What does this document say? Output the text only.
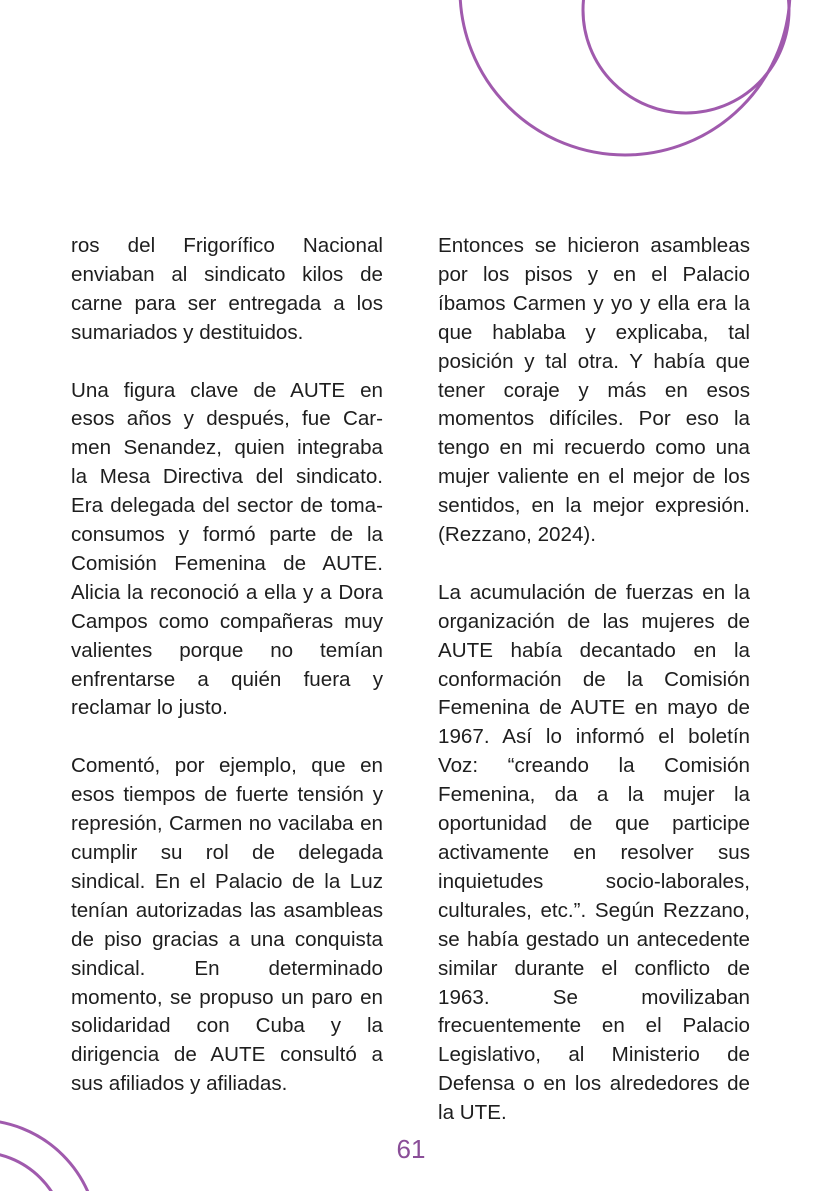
ros del Frigorífico Nacional enviaban al sindicato kilos de carne para ser entregada a los sumariados y destituidos.

Una figura clave de AUTE en esos años y después, fue Carmen Senandez, quien integraba la Mesa Directiva del sindicato. Era delegada del sector de toma-consumos y formó parte de la Comisión Femenina de AUTE. Alicia la reconoció a ella y a Dora Campos como compañeras muy valientes porque no temían enfrentarse a quién fuera y reclamar lo justo.

Comentó, por ejemplo, que en esos tiempos de fuerte tensión y represión, Carmen no vacilaba en cumplir su rol de delegada sindical. En el Palacio de la Luz tenían autorizadas las asambleas de piso gracias a una conquista sindical. En determinado momento, se propuso un paro en solidaridad con Cuba y la dirigencia de AUTE consultó a sus afiliados y afiliadas.

Entonces se hicieron asambleas por los pisos y en el Palacio íbamos Carmen y yo y ella era la que hablaba y explicaba, tal posición y tal otra. Y había que tener coraje y más en esos momentos difíciles. Por eso la tengo en mi recuerdo como una mujer valiente en el mejor de los sentidos, en la mejor expresión. (Rezzano, 2024).

La acumulación de fuerzas en la organización de las mujeres de AUTE había decantado en la conformación de la Comisión Femenina de AUTE en mayo de 1967. Así lo informó el boletín Voz: “creando la Comisión Femenina, da a la mujer la oportunidad de que participe activamente en resolver sus inquietudes socio-laborales, culturales, etc.”. Según Rezzano, se había gestado un antecedente similar durante el conflicto de 1963. Se movilizaban frecuentemente en el Palacio Legislativo, al Ministerio de Defensa o en los alrededores de la UTE.

61
